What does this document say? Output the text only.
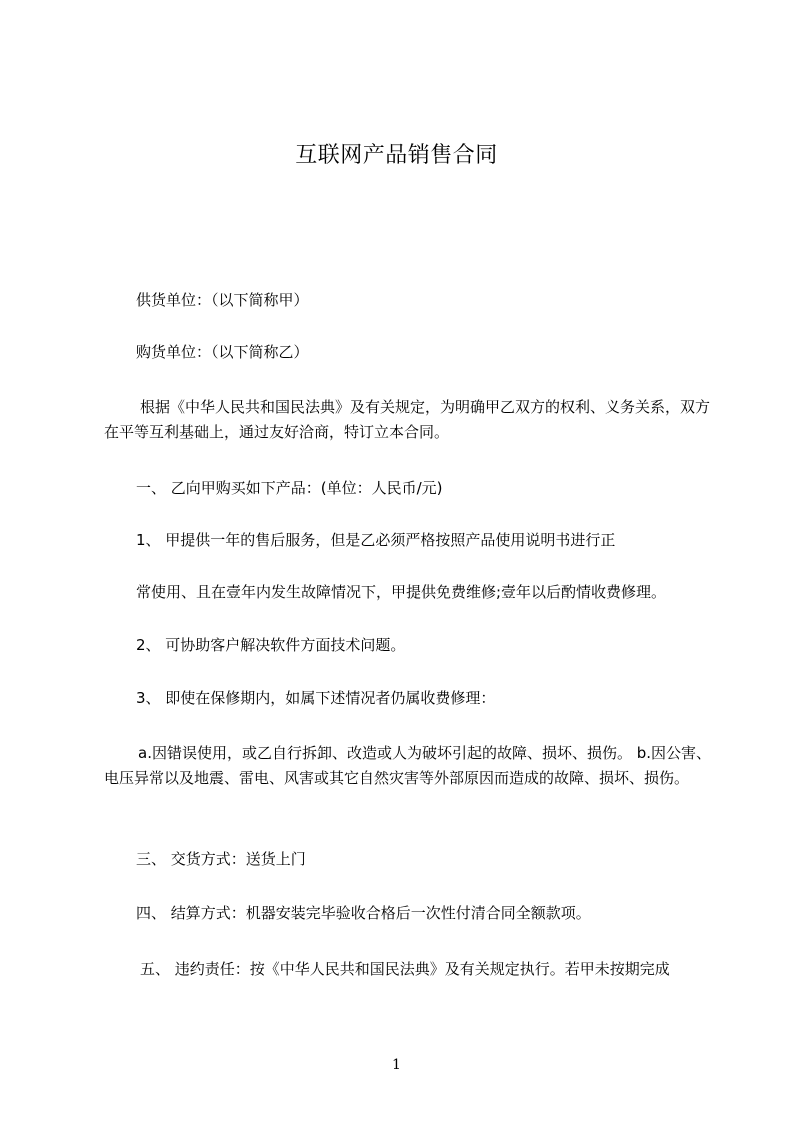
互联网产品销售合同

供货单位：（以下简称甲）

购货单位：（以下简称乙）

根据《中华人民共和国民法典》及有关规定，为明确甲乙双方的权利、义务关系，双方在平等互利基础上，通过友好洽商，特订立本合同。

一、 乙向甲购买如下产品：(单位：人民币/元)

1、 甲提供一年的售后服务，但是乙必须严格按照产品使用说明书进行正

常使用、且在壹年内发生故障情况下，甲提供免费维修;壹年以后酌情收费修理。

2、 可协助客户解决软件方面技术问题。

3、 即使在保修期内，如属下述情况者仍属收费修理：

a.因错误使用，或乙自行拆卸、改造或人为破坏引起的故障、损坏、损伤。 b.因公害、电压异常以及地震、雷电、风害或其它自然灾害等外部原因而造成的故障、损坏、损伤。

三、 交货方式：送货上门

四、 结算方式：机器安装完毕验收合格后一次性付清合同全额款项。

五、 违约责任：按《中华人民共和国民法典》及有关规定执行。若甲未按期完成

1
